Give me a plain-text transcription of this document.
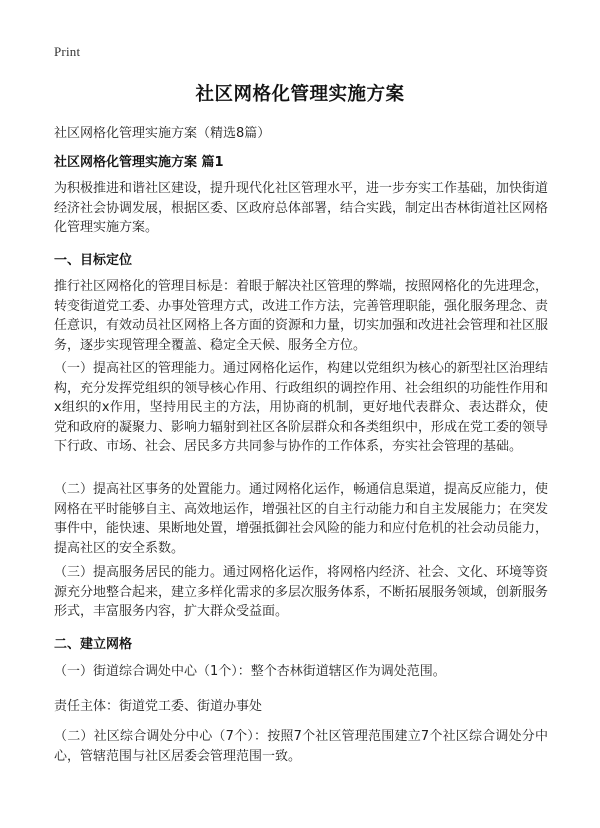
Print
社区网格化管理实施方案
社区网格化管理实施方案（精选8篇）
社区网格化管理实施方案 篇1

为积极推进和谐社区建设，提升现代化社区管理水平，进一步夯实工作基础，加快街道经济社会协调发展，根据区委、区政府总体部署，结合实践，制定出杏林街道社区网格化管理实施方案。

一、目标定位

推行社区网格化的管理目标是：着眼于解决社区管理的弊端，按照网格化的先进理念，转变街道党工委、办事处管理方式，改进工作方法，完善管理职能，强化服务理念、责任意识，有效动员社区网格上各方面的资源和力量，切实加强和改进社会管理和社区服务，逐步实现管理全覆盖、稳定全天候、服务全方位。

（一）提高社区的管理能力。通过网格化运作，构建以党组织为核心的新型社区治理结构，充分发挥党组织的领导核心作用、行政组织的调控作用、社会组织的功能性作用和x组织的x作用，坚持用民主的方法，用协商的机制，更好地代表群众、表达群众，使党和政府的凝聚力、影响力辐射到社区各阶层群众和各类组织中，形成在党工委的领导下行政、市场、社会、居民多方共同参与协作的工作体系，夯实社会管理的基础。

（二）提高社区事务的处置能力。通过网格化运作，畅通信息渠道，提高反应能力，使网格在平时能够自主、高效地运作，增强社区的自主行动能力和自主发展能力；在突发事件中，能快速、果断地处置，增强抵御社会风险的能力和应付危机的社会动员能力，提高社区的安全系数。

（三）提高服务居民的能力。通过网格化运作，将网格内经济、社会、文化、环境等资源充分地整合起来，建立多样化需求的多层次服务体系，不断拓展服务领域，创新服务形式，丰富服务内容，扩大群众受益面。

二、建立网格

（一）街道综合调处中心（1个）：整个杏林街道辖区作为调处范围。

责任主体：街道党工委、街道办事处

（二）社区综合调处分中心（7个）：按照7个社区管理范围建立7个社区综合调处分中心，管辖范围与社区居委会管理范围一致。
